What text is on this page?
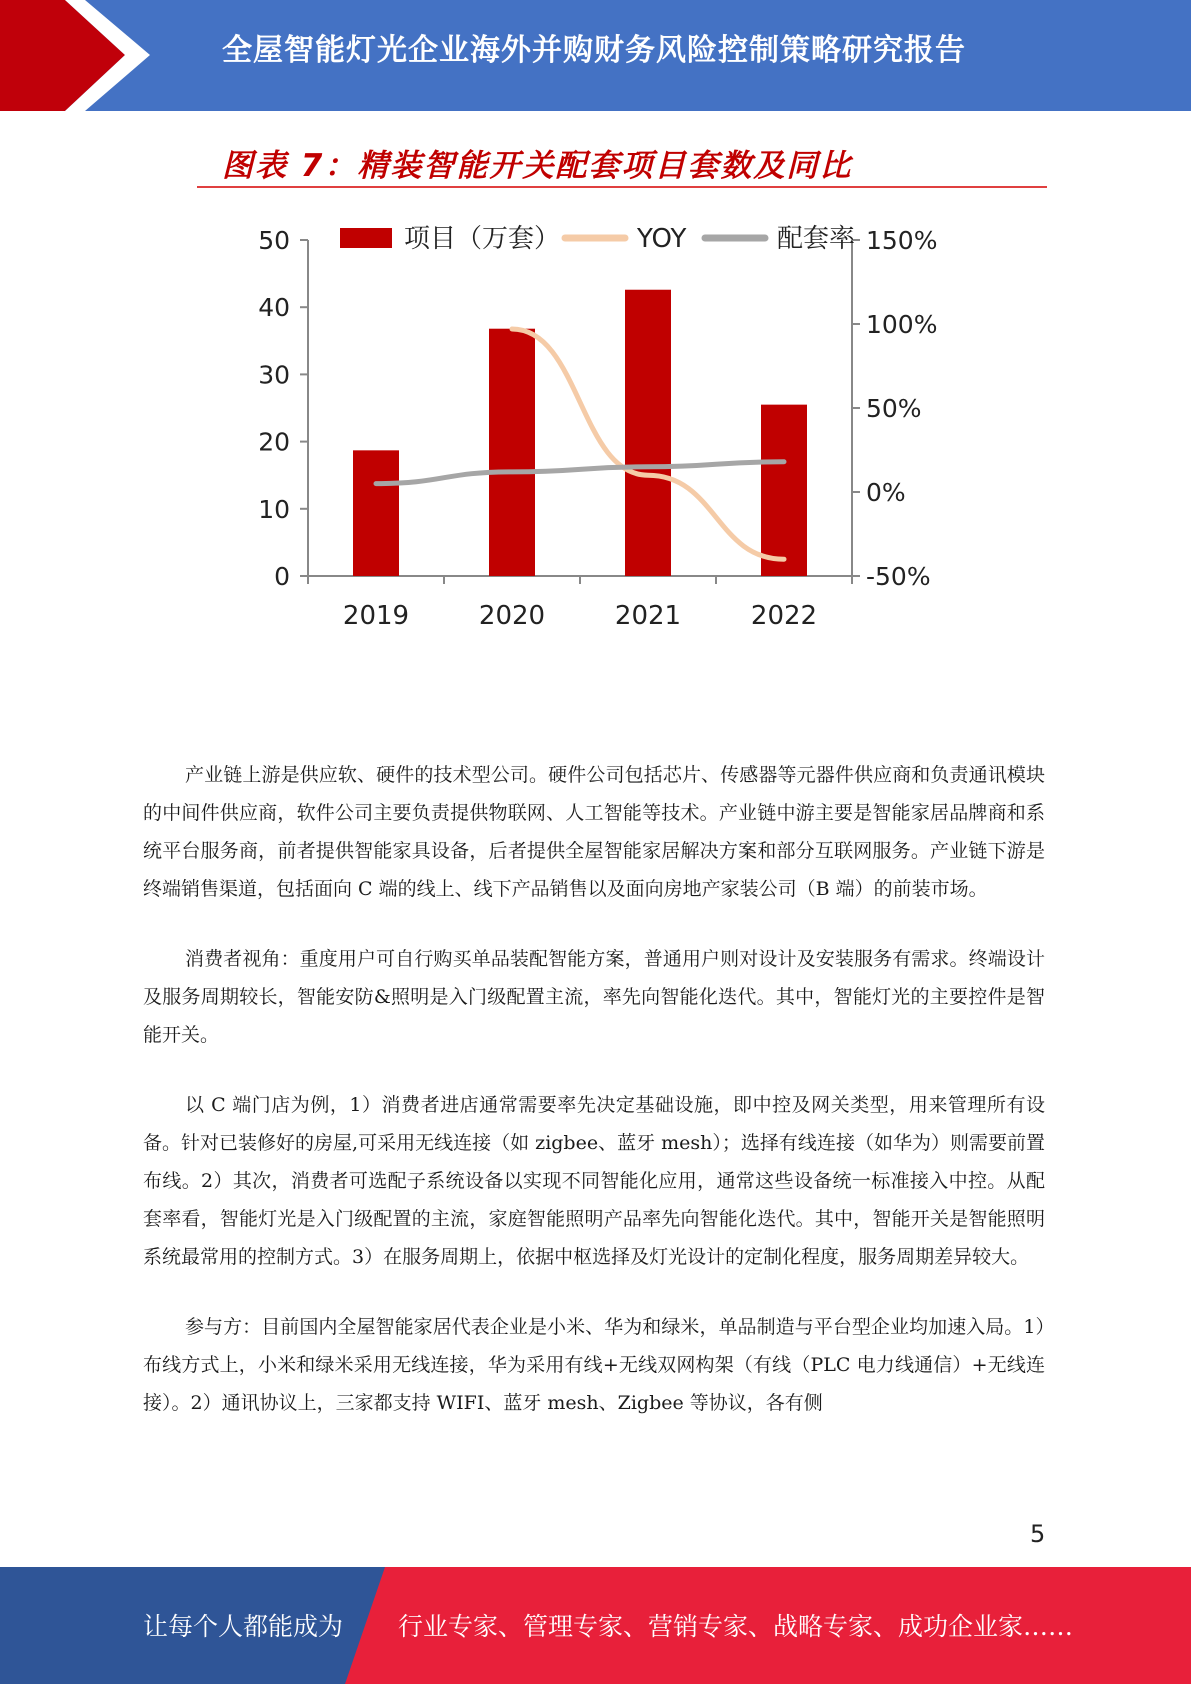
全屋智能灯光企业海外并购财务风险控制策略研究报告
图表 7：精装智能开关配套项目套数及同比
0
10
20
30
40
50
-50%
0%
50%
100%
150%
2019	2020	2021	2022
项目（万套）	YOY	配套率

产业链上游是供应软、硬件的技术型公司。硬件公司包括芯片、传感器等元器件供应商和负责通讯模块的中间件供应商，软件公司主要负责提供物联网、人工智能等技术。产业链中游主要是智能家居品牌商和系统平台服务商，前者提供智能家具设备，后者提供全屋智能家居解决方案和部分互联网服务。产业链下游是终端销售渠道，包括面向 C 端的线上、线下产品销售以及面向房地产家装公司（B 端）的前装市场。

消费者视角：重度用户可自行购买单品装配智能方案，普通用户则对设计及安装服务有需求。终端设计及服务周期较长，智能安防&照明是入门级配置主流，率先向智能化迭代。其中，智能灯光的主要控件是智能开关。

以 C 端门店为例，1）消费者进店通常需要率先决定基础设施，即中控及网关类型，用来管理所有设备。针对已装修好的房屋,可采用无线连接（如 zigbee、蓝牙 mesh）；选择有线连接（如华为）则需要前置布线。2）其次，消费者可选配子系统设备以实现不同智能化应用，通常这些设备统一标准接入中控。从配套率看，智能灯光是入门级配置的主流，家庭智能照明产品率先向智能化迭代。其中，智能开关是智能照明系统最常用的控制方式。3）在服务周期上，依据中枢选择及灯光设计的定制化程度，服务周期差异较大。

参与方：目前国内全屋智能家居代表企业是小米、华为和绿米，单品制造与平台型企业均加速入局。1）布线方式上，小米和绿米采用无线连接，华为采用有线+无线双网构架（有线（PLC 电力线通信）+无线连接）。2）通讯协议上，三家都支持 WIFI、蓝牙 mesh、Zigbee 等协议，各有侧

5
让每个人都能成为 行业专家、管理专家、营销专家、战略专家、成功企业家……
